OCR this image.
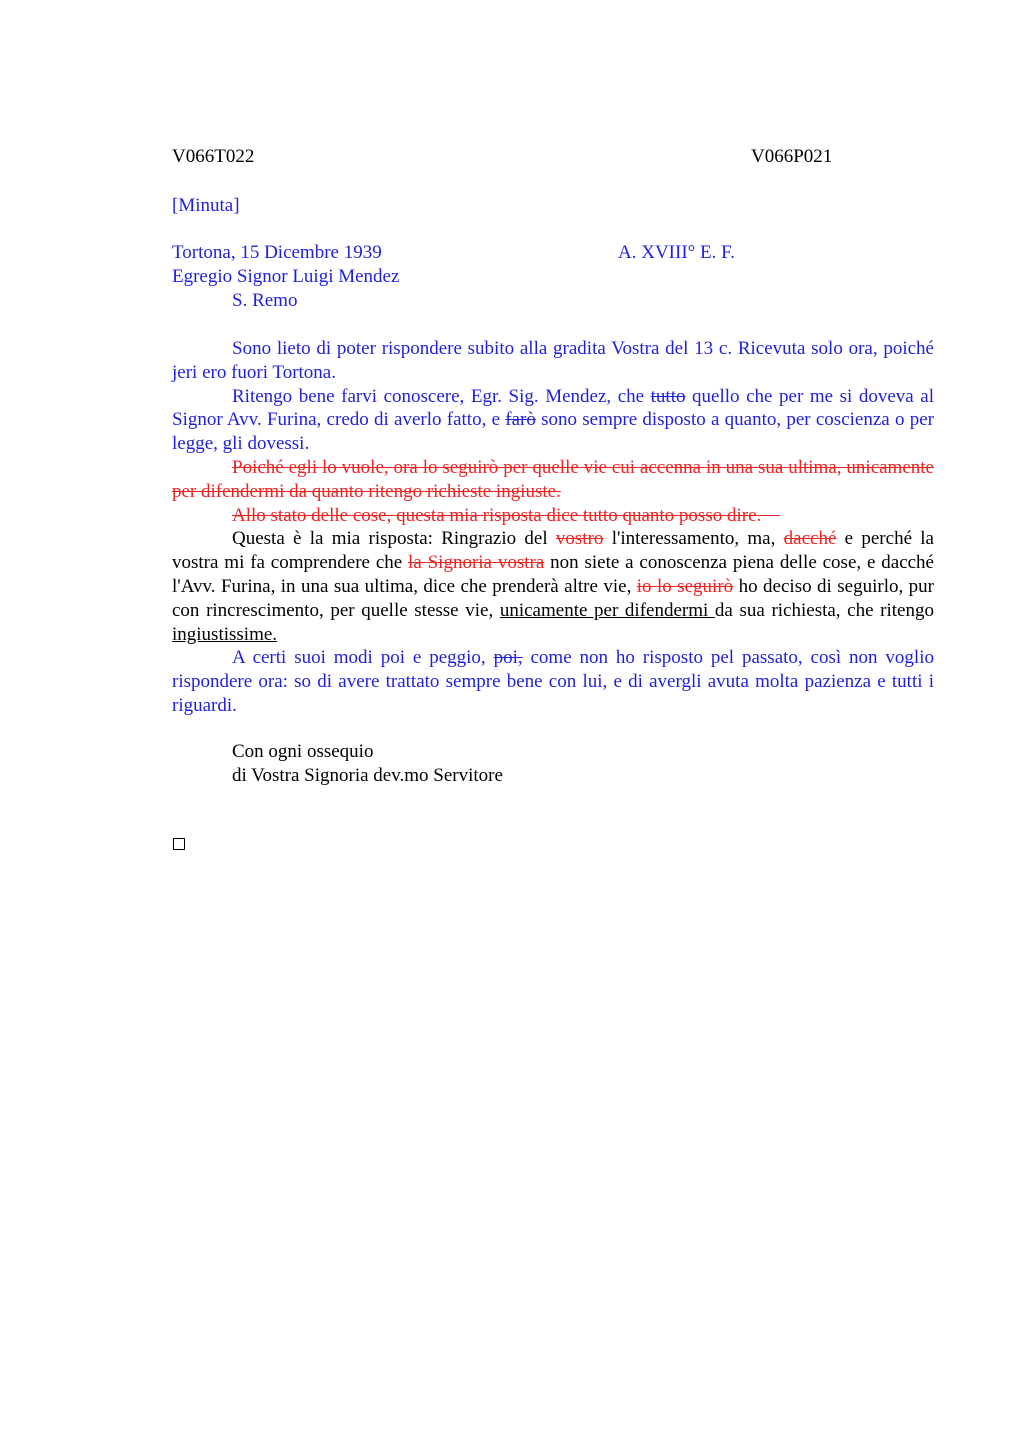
V066T022	V066P021
[Minuta]
Tortona, 15 Dicembre 1939	A. XVIII° E. F.
Egregio Signor Luigi Mendez
S. Remo

Sono lieto di poter rispondere subito alla gradita Vostra del 13 c. Ricevuta solo ora, poiché jeri ero fuori Tortona.

Ritengo bene farvi conoscere, Egr. Sig. Mendez, che tutto quello che per me si doveva al Signor Avv. Furina, credo di averlo fatto, e farò sono sempre disposto a quanto, per coscienza o per legge, gli dovessi.

Poiché egli lo vuole, ora lo seguirò per quelle vie cui accenna in una sua ultima, unicamente per difendermi da quanto ritengo richieste ingiuste.

Allo stato delle cose, questa mia risposta dice tutto quanto posso dire.

Questa è la mia risposta: Ringrazio del vostro l'interessamento, ma, dacché e perché la vostra mi fa comprendere che la Signoria vostra non siete a conoscenza piena delle cose, e dacché l'Avv. Furina, in una sua ultima, dice che prenderà altre vie, io lo seguirò ho deciso di seguirlo, pur con rincrescimento, per quelle stesse vie, unicamente per difendermi da sua richiesta, che ritengo ingiustissime.

A certi suoi modi poi e peggio, poi, come non ho risposto pel passato, così non voglio rispondere ora: so di avere trattato sempre bene con lui, e di avergli avuta molta pazienza e tutti i riguardi.

Con ogni ossequio
di Vostra Signoria dev.mo Servitore
